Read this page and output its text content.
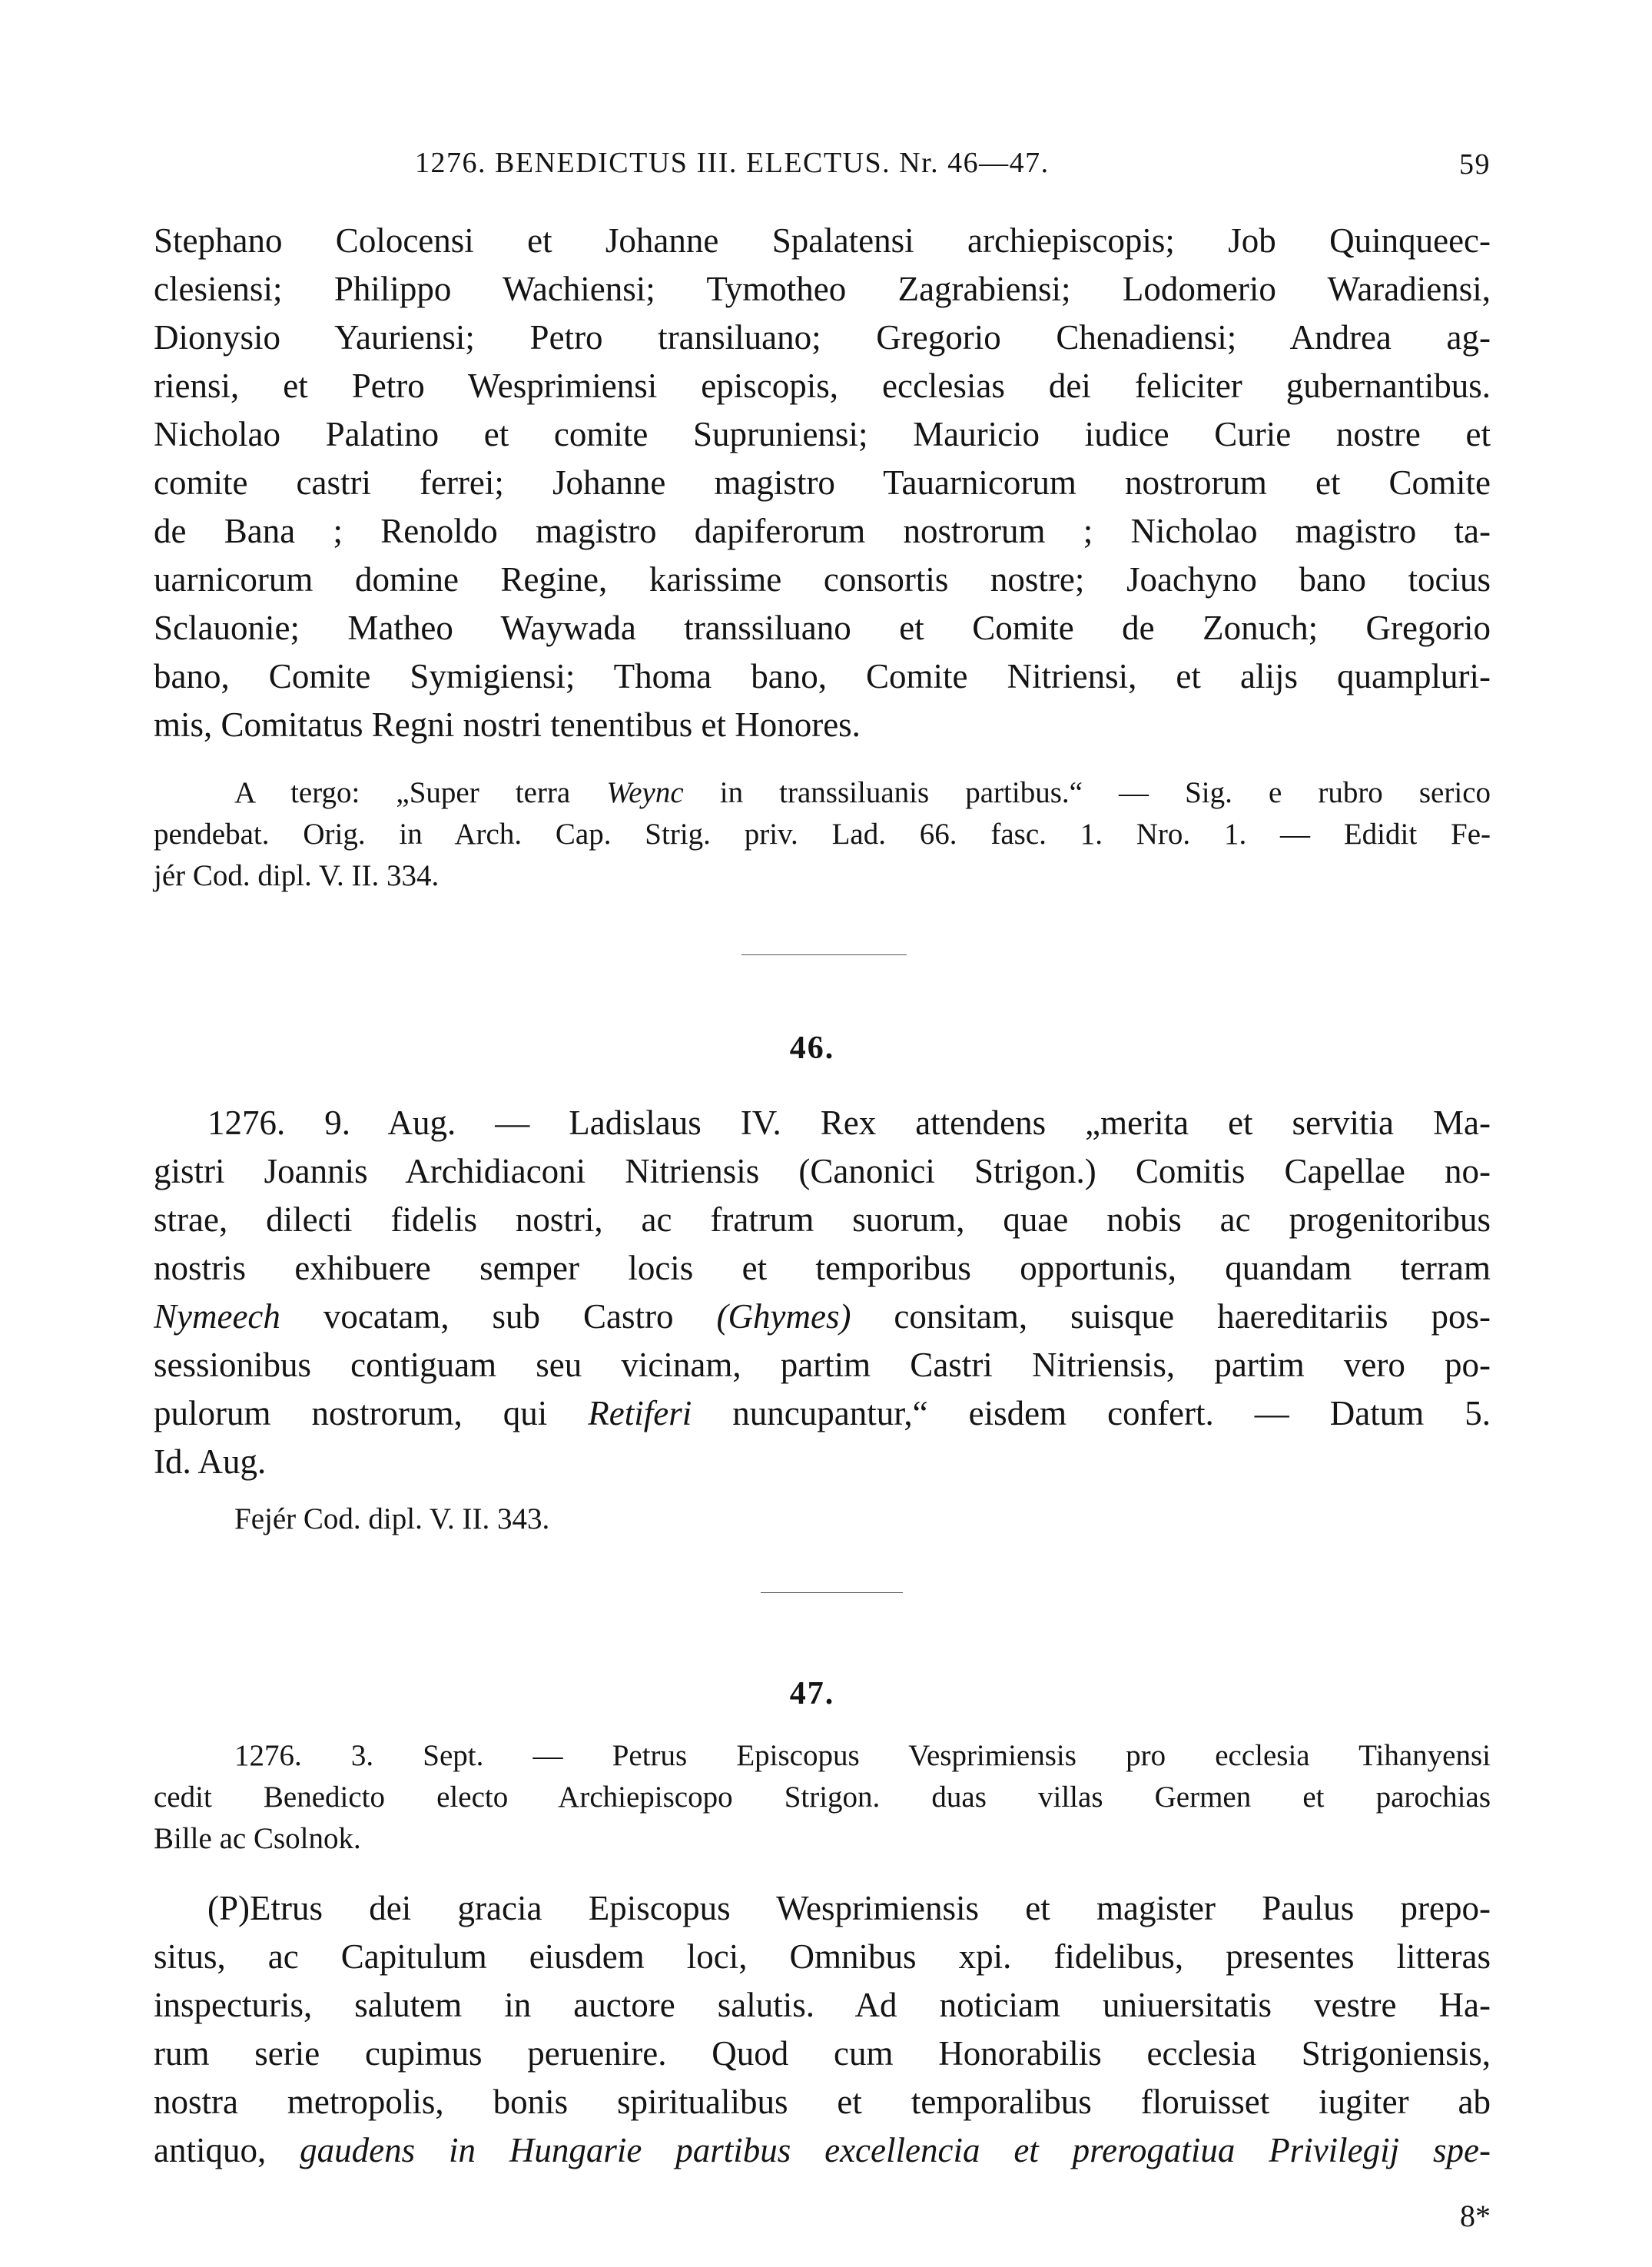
1276. BENEDICTUS III. ELECTUS. Nr. 46—47.	59
Stephano Colocensi et Johanne Spalatensi archiepiscopis; Job Quinqueec-
clesiensi; Philippo Wachiensi; Tymotheo Zagrabiensi; Lodomerio Waradiensi,
Dionysio Yauriensi; Petro transiluano; Gregorio Chenadiensi; Andrea ag-
riensi, et Petro Wesprimiensi episcopis, ecclesias dei feliciter gubernantibus.
Nicholao Palatino et comite Supruniensi; Mauricio iudice Curie nostre et
comite castri ferrei; Johanne magistro Tauarnicorum nostrorum et Comite
de Bana ; Renoldo magistro dapiferorum nostrorum ; Nicholao magistro ta-
uarnicorum domine Regine, karissime consortis nostre; Joachyno bano tocius
Sclauonie; Matheo Waywada transsiluano et Comite de Zonuch; Gregorio
bano, Comite Symigiensi; Thoma bano, Comite Nitriensi, et alijs quampluri-
mis, Comitatus Regni nostri tenentibus et Honores.
A tergo: „Super terra Weync in transsiluanis partibus.“ — Sig. e rubro serico
pendebat. Orig. in Arch. Cap. Strig. priv. Lad. 66. fasc. 1. Nro. 1. — Edidit Fe-
jér Cod. dipl. V. II. 334.
46.
1276. 9. Aug. — Ladislaus IV. Rex attendens „merita et servitia Ma-
gistri Joannis Archidiaconi Nitriensis (Canonici Strigon.) Comitis Capellae no-
strae, dilecti fidelis nostri, ac fratrum suorum, quae nobis ac progenitoribus
nostris exhibuere semper locis et temporibus opportunis, quandam terram
Nymeech vocatam, sub Castro (Ghymes) consitam, suisque haereditariis pos-
sessionibus contiguam seu vicinam, partim Castri Nitriensis, partim vero po-
pulorum nostrorum, qui Retiferi nuncupantur,“ eisdem confert. — Datum 5.
Id. Aug.
Fejér Cod. dipl. V. II. 343.
47.
1276. 3. Sept. — Petrus Episcopus Vesprimiensis pro ecclesia Tihanyensi
cedit Benedicto electo Archiepiscopo Strigon. duas villas Germen et parochias
Bille ac Csolnok.
(P)Etrus dei gracia Episcopus Wesprimiensis et magister Paulus prepo-
situs, ac Capitulum eiusdem loci, Omnibus xpi. fidelibus, presentes litteras
inspecturis, salutem in auctore salutis. Ad noticiam uniuersitatis vestre Ha-
rum serie cupimus peruenire. Quod cum Honorabilis ecclesia Strigoniensis,
nostra metropolis, bonis spiritualibus et temporalibus floruisset iugiter ab
antiquo, gaudens in Hungarie partibus excellencia et prerogatiua Privilegij spe-
8*
